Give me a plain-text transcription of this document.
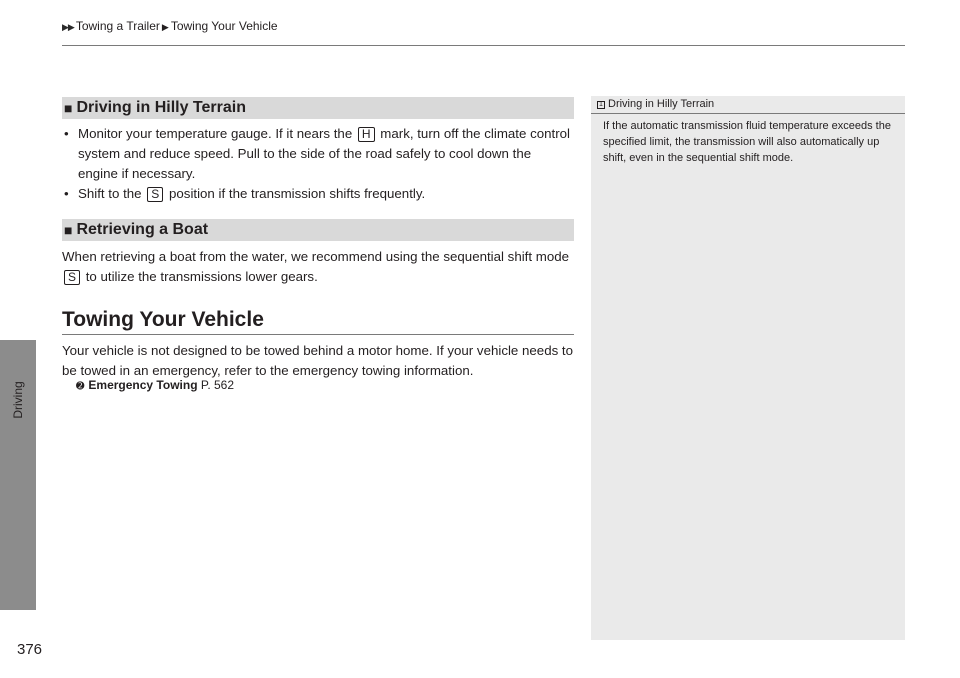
▶▶ Towing a Trailer ▶ Towing Your Vehicle
Driving
376
■ Driving in Hilly Terrain
• Monitor your temperature gauge. If it nears the H mark, turn off the climate control system and reduce speed. Pull to the side of the road safely to cool down the engine if necessary.
• Shift to the S position if the transmission shifts frequently.
■ Retrieving a Boat
When retrieving a boat from the water, we recommend using the sequential shift mode S to utilize the transmissions lower gears.
Towing Your Vehicle
Your vehicle is not designed to be towed behind a motor home. If your vehicle needs to be towed in an emergency, refer to the emergency towing information.
➋ Emergency Towing P. 562
1 Driving in Hilly Terrain
If the automatic transmission fluid temperature exceeds the specified limit, the transmission will also automatically up shift, even in the sequential shift mode.
